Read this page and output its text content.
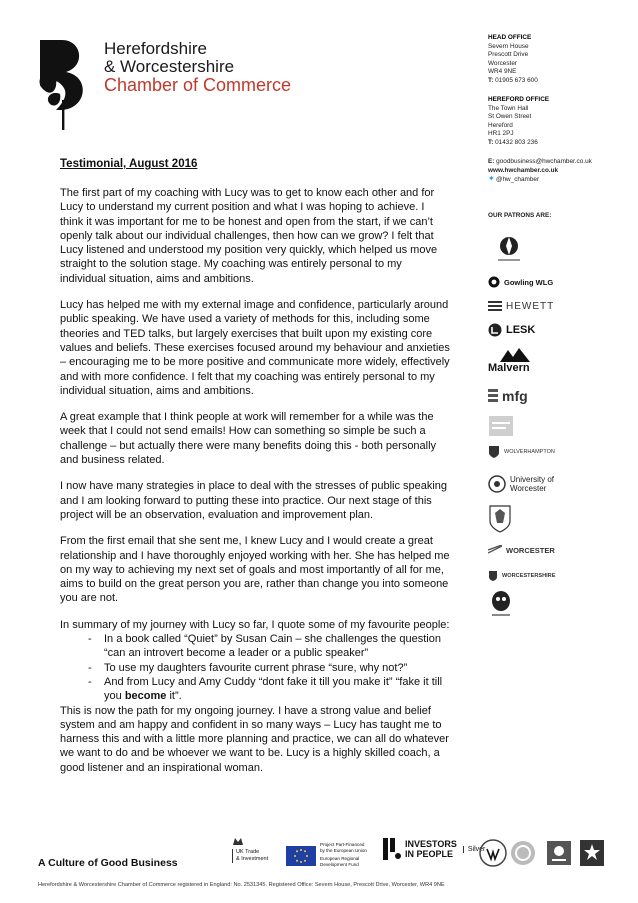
Herefordshire
& Worcestershire
Chamber of Commerce
HEAD OFFICE
Severn House
Prescott Drive
Worcester
WR4 9NE
T: 01905 673 600
HEREFORD OFFICE
The Town Hall
St Owen Street
Hereford
HR1 2PJ
T: 01432 803 236
E: goodbusiness@hwchamber.co.uk
www.hwchamber.co.uk
✦@hw_chamber
OUR PATRONS ARE:
Gowling WLG
HEWETT
LESK
Malvern
mfg
WOLVERHAMPTON
University of Worcester
WORCESTER
WORCESTERSHIRE
Testimonial, August 2016

The first part of my coaching with Lucy was to get to know each other and for Lucy to understand my current position and what I was hoping to achieve. I think it was important for me to be honest and open from the start, if we can’t openly talk about our individual challenges, then how can we grow? I felt that Lucy listened and understood my position very quickly, which helped us move straight to the solution stage. My coaching was entirely personal to my individual situation, aims and ambitions.

Lucy has helped me with my external image and confidence, particularly around public speaking. We have used a variety of methods for this, including some theories and TED talks, but largely exercises that built upon my existing core values and beliefs. These exercises focused around my behaviour and anxieties – encouraging me to be more positive and communicate more widely, effectively and with more confidence. I felt that my coaching was entirely personal to my individual situation, aims and ambitions.

A great example that I think people at work will remember for a while was the week that I could not send emails! How can something so simple be such a challenge – but actually there were many benefits doing this - both personally and business related.

I now have many strategies in place to deal with the stresses of public speaking and I am looking forward to putting these into practice. Our next stage of this project will be an observation, evaluation and improvement plan.

From the first email that she sent me, I knew Lucy and I would create a great relationship and I have thoroughly enjoyed working with her. She has helped me on my way to achieving my next set of goals and most importantly of all for me, aims to build on the great person you are, rather than change you into someone you are not.

In summary of my journey with Lucy so far, I quote some of my favourite people:
- In a book called “Quiet” by Susan Cain – she challenges the question “can an introvert become a leader or a public speaker”
- To use my daughters favourite current phrase “sure, why not?”
- And from Lucy and Amy Cuddy “dont fake it till you make it” “fake it till you become it”.
This is now the path for my ongoing journey. I have a strong value and belief system and am happy and confident in so many ways – Lucy has taught me to harness this and with a little more planning and practice, we can all do whatever we want to do and be whoever we want to be. Lucy is a highly skilled coach, a good listener and an inspirational woman.
A Culture of Good Business
UK Trade
& Investment
Project Part-Financed
by the European Union
European Regional
Development Fund
INVESTORS
IN PEOPLE	Silver
Herefordshire & Worcestershire Chamber of Commerce registered in England: No. 2531345. Registered Office: Severn House, Prescott Drive, Worcester, WR4 9NE
